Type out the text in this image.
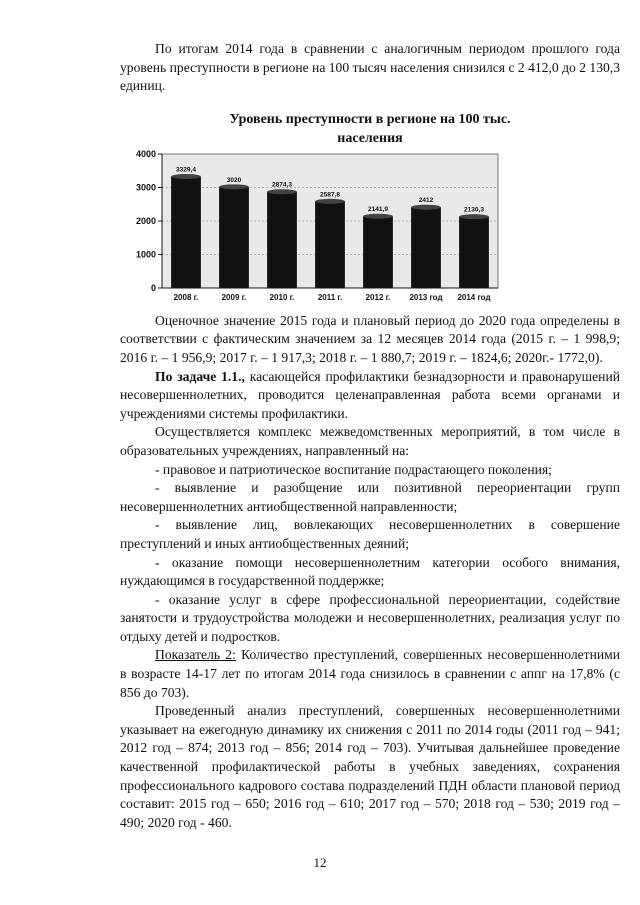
По итогам 2014 года в сравнении с аналогичным периодом прошлого года уровень преступности в регионе на 100 тысяч населения снизился с 2 412,0 до 2 130,3 единиц.

Уровень преступности в регионе на 100 тыс.
населения
0
1000
2000
3000
4000
3329,4
2008 г.
3020
2009 г.
2874,3
2010 г.
2587,8
2011 г.
2141,9
2012 г.
2412
2013 год
2130,3
2014 год

Оценочное значение 2015 года и плановый период до 2020 года определены в соответствии с фактическим значением за 12 месяцев 2014 года (2015 г. – 1 998,9; 2016 г. – 1 956,9; 2017 г. – 1 917,3; 2018 г. – 1 880,7; 2019 г. – 1824,6; 2020г.- 1772,0).

По задаче 1.1., касающейся профилактики безнадзорности и правонарушений несовершеннолетних, проводится целенаправленная работа всеми органами и учреждениями системы профилактики.

Осуществляется комплекс межведомственных мероприятий, в том числе в образовательных учреждениях, направленный на:

- правовое и патриотическое воспитание подрастающего поколения;

- выявление и разобщение или позитивной переориентации групп несовершеннолетних антиобщественной направленности;

- выявление лиц, вовлекающих несовершеннолетних в совершение преступлений и иных антиобщественных деяний;

- оказание помощи несовершеннолетним категории особого внимания, нуждающимся в государственной поддержке;

- оказание услуг в сфере профессиональной переориентации, содействие занятости и трудоустройства молодежи и несовершеннолетних, реализация услуг по отдыху детей и подростков.

Показатель 2: Количество преступлений, совершенных несовершеннолетними в возрасте 14-17 лет по итогам 2014 года снизилось в сравнении с аппг на 17,8% (с 856 до 703).

Проведенный анализ преступлений, совершенных несовершеннолетними указывает на ежегодную динамику их снижения с 2011 по 2014 годы (2011 год – 941; 2012 год – 874; 2013 год – 856; 2014 год – 703). Учитывая дальнейшее проведение качественной профилактической работы в учебных заведениях, сохранения профессионального кадрового состава подразделений ПДН области плановой период составит: 2015 год – 650; 2016 год – 610; 2017 год – 570; 2018 год – 530; 2019 год – 490; 2020 год - 460.

12
